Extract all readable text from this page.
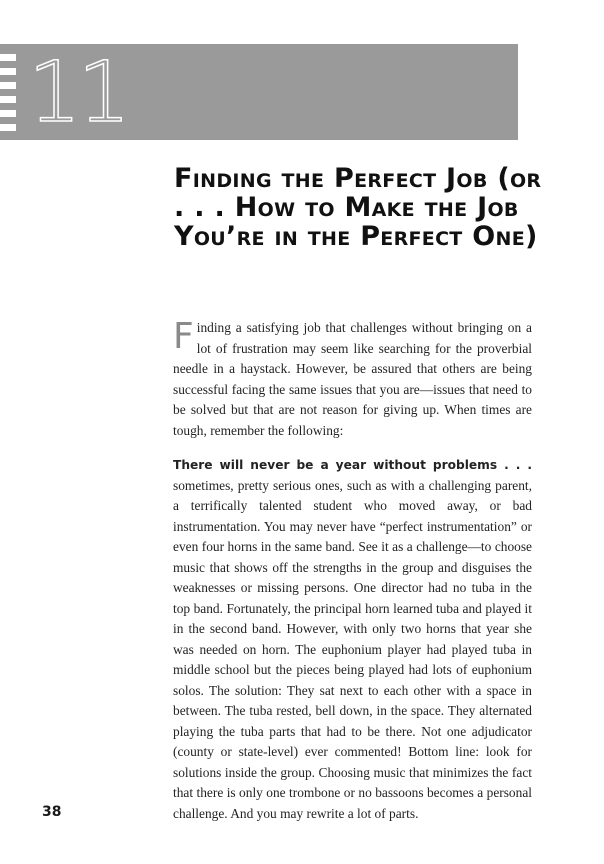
11
Finding the Perfect Job (or . . . How to Make the Job You’re in the Perfect One)

Finding a satisfying job that challenges without bringing on a lot of frustration may seem like searching for the proverbial needle in a haystack. However, be assured that others are being successful facing the same issues that you are—issues that need to be solved but that are not reason for giving up. When times are tough, remember the following:

There will never be a year without problems . . . sometimes, pretty serious ones, such as with a challenging parent, a terrifically talented student who moved away, or bad instrumentation. You may never have “perfect instrumentation” or even four horns in the same band. See it as a challenge—to choose music that shows off the strengths in the group and disguises the weaknesses or missing persons. One director had no tuba in the top band. Fortunately, the principal horn learned tuba and played it in the second band. However, with only two horns that year she was needed on horn. The euphonium player had played tuba in middle school but the pieces being played had lots of euphonium solos. The solution: They sat next to each other with a space in between. The tuba rested, bell down, in the space. They alternated playing the tuba parts that had to be there. Not one adjudicator (county or state-level) ever commented! Bottom line: look for solutions inside the group. Choosing music that minimizes the fact that there is only one trombone or no bassoons becomes a personal challenge. And you may rewrite a lot of parts.

38
